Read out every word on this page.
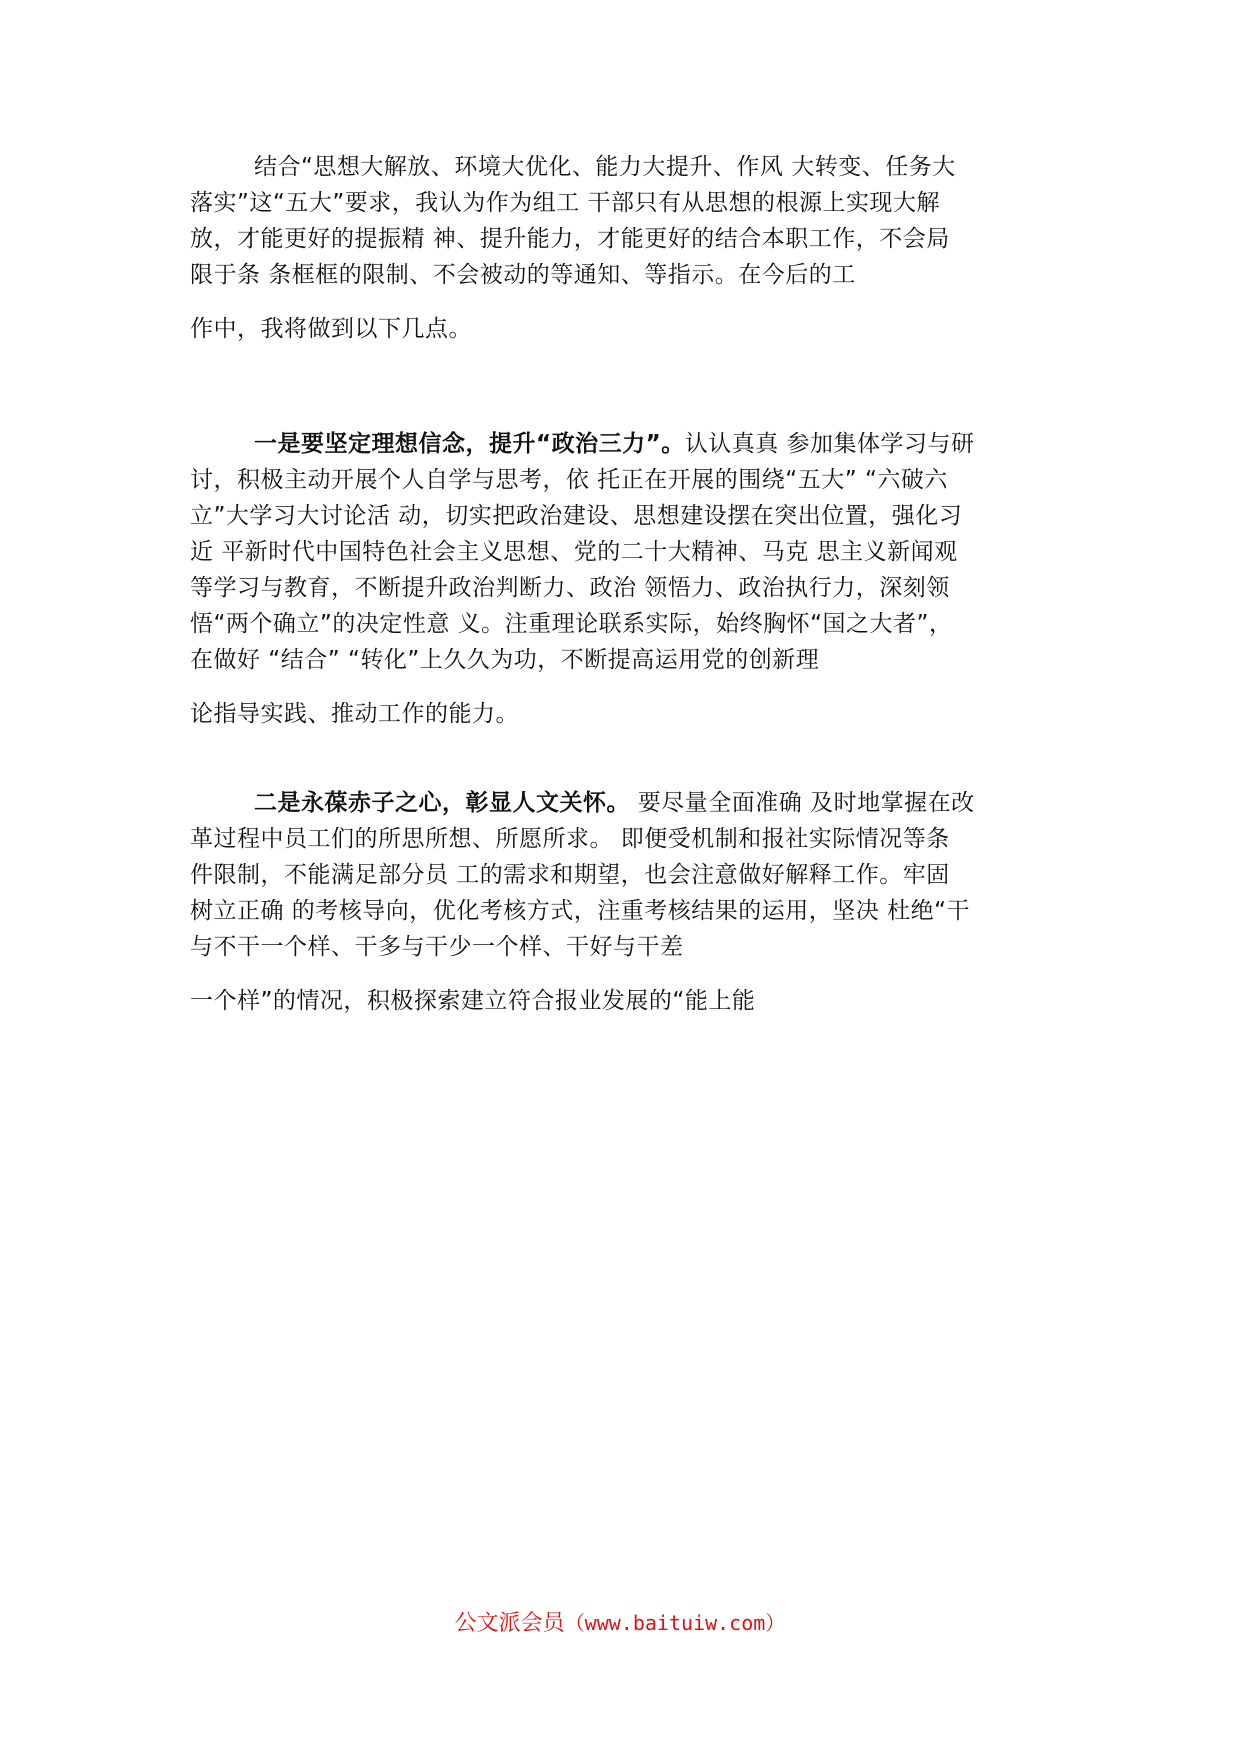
结合“思想大解放、环境大优化、能力大提升、作风 大转变、任务大
落实”这“五大”要求，我认为作为组工 干部只有从思想的根源上实现大解
放，才能更好的提振精 神、提升能力，才能更好的结合本职工作，不会局
限于条 条框框的限制、不会被动的等通知、等指示。在今后的工
作中，我将做到以下几点。
一是要坚定理想信念，提升“政治三力”。认认真真 参加集体学习与研
讨，积极主动开展个人自学与思考，依 托正在开展的围绕“五大” “六破六
立”大学习大讨论活 动，切实把政治建设、思想建设摆在突出位置，强化习
近 平新时代中国特色社会主义思想、党的二十大精神、马克 思主义新闻观
等学习与教育，不断提升政治判断力、政治 领悟力、政治执行力，深刻领
悟“两个确立”的决定性意 义。注重理论联系实际，始终胸怀“国之大者”，
在做好 “结合” “转化”上久久为功，不断提高运用党的创新理
论指导实践、推动工作的能力。
二是永葆赤子之心，彰显人文关怀。 要尽量全面准确 及时地掌握在改
革过程中员工们的所思所想、所愿所求。 即便受机制和报社实际情况等条
件限制，不能满足部分员 工的需求和期望，也会注意做好解释工作。牢固
树立正确 的考核导向，优化考核方式，注重考核结果的运用，坚决 杜绝“干
与不干一个样、干多与干少一个样、干好与干差
一个样”的情况，积极探索建立符合报业发展的“能上能
公文派会员（www.baituiw.com）
